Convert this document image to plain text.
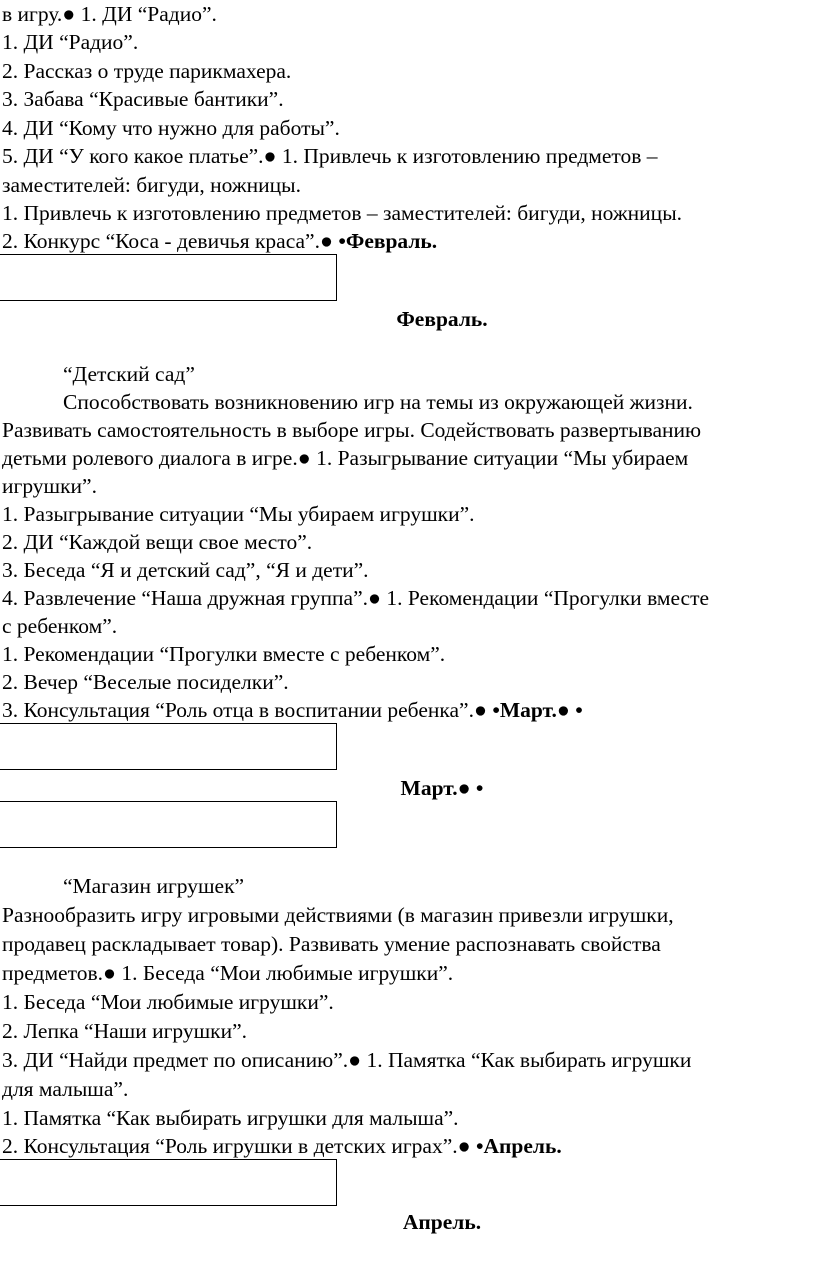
в игру.● 1. ДИ “Радио”.
1. ДИ “Радио”.
2. Рассказ о труде парикмахера.
3. Забава “Красивые бантики”.
4. ДИ “Кому что нужно для работы”.
5. ДИ “У кого какое платье”.● 1. Привлечь к изготовлению предметов –
заместителей: бигуди, ножницы.
1. Привлечь к изготовлению предметов – заместителей: бигуди, ножницы.
2. Конкурс “Коса - девичья краса”.● •Февраль.
Февраль.
“Детский сад”
Способствовать возникновению игр на темы из окружающей жизни.
Развивать самостоятельность в выборе игры. Содействовать развертыванию
детьми ролевого диалога в игре.● 1. Разыгрывание ситуации “Мы убираем
игрушки”.
1. Разыгрывание ситуации “Мы убираем игрушки”.
2. ДИ “Каждой вещи свое место”.
3. Беседа “Я и детский сад”, “Я и дети”.
4. Развлечение “Наша дружная группа”.● 1. Рекомендации “Прогулки вместе
с ребенком”.
1. Рекомендации “Прогулки вместе с ребенком”.
2. Вечер “Веселые посиделки”.
3. Консультация “Роль отца в воспитании ребенка”.● •Март.● •
Март.● •
“Магазин игрушек”
Разнообразить игру игровыми действиями (в магазин привезли игрушки,
продавец раскладывает товар). Развивать умение распознавать свойства
предметов.● 1. Беседа “Мои любимые игрушки”.
1. Беседа “Мои любимые игрушки”.
2. Лепка “Наши игрушки”.
3. ДИ “Найди предмет по описанию”.● 1. Памятка “Как выбирать игрушки
для малыша”.
1. Памятка “Как выбирать игрушки для малыша”.
2. Консультация “Роль игрушки в детских играх”.● •Апрель.
Апрель.
